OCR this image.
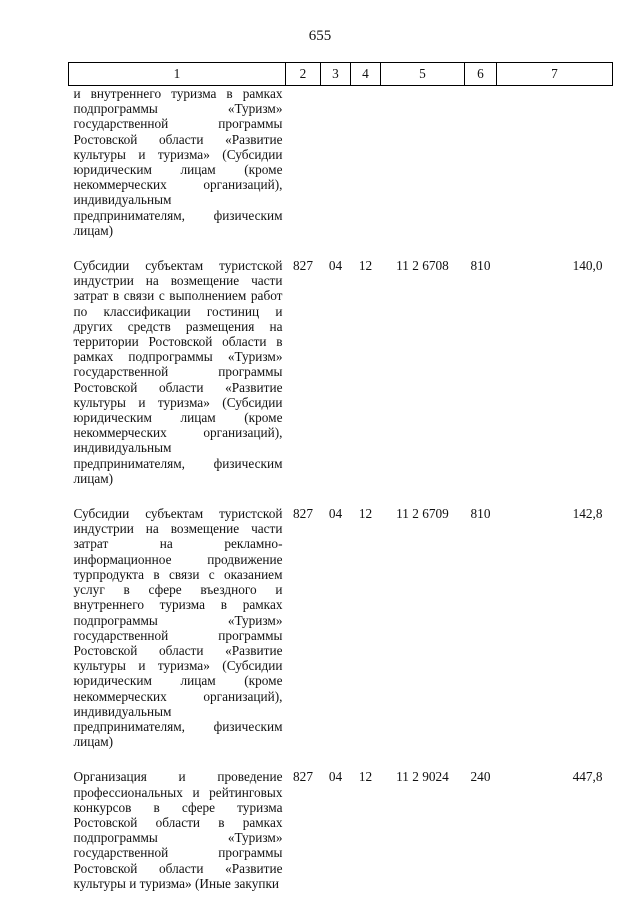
655
1	2	3	4	5	6	7
и внутреннего туризма в рамках подпрограммы «Туризм» государственной программы Ростовской области «Развитие культуры и туризма» (Субсидии юридическим лицам (кроме некоммерческих организаций), индивидуальным предпринимателям, физическим лицам)						
Субсидии субъектам туристской индустрии на возмещение части затрат в связи с выполнением работ по классификации гостиниц и других средств размещения на территории Ростовской области в рамках подпрограммы «Туризм» государственной программы Ростовской области «Развитие культуры и туризма» (Субсидии юридическим лицам (кроме некоммерческих организаций), индивидуальным предпринимателям, физическим лицам)	827	04	12	11 2 6708	810	140,0
Субсидии субъектам туристской индустрии на возмещение части затрат на рекламно-информационное продвижение турпродукта в связи с оказанием услуг в сфере въездного и внутреннего туризма в рамках подпрограммы «Туризм» государственной программы Ростовской области «Развитие культуры и туризма» (Субсидии юридическим лицам (кроме некоммерческих организаций), индивидуальным предпринимателям, физическим лицам)	827	04	12	11 2 6709	810	142,8
Организация и проведение профессиональных и рейтинговых конкурсов в сфере туризма Ростовской области в рамках подпрограммы «Туризм» государственной программы Ростовской области «Развитие культуры и туризма» (Иные закупки	827	04	12	11 2 9024	240	447,8
